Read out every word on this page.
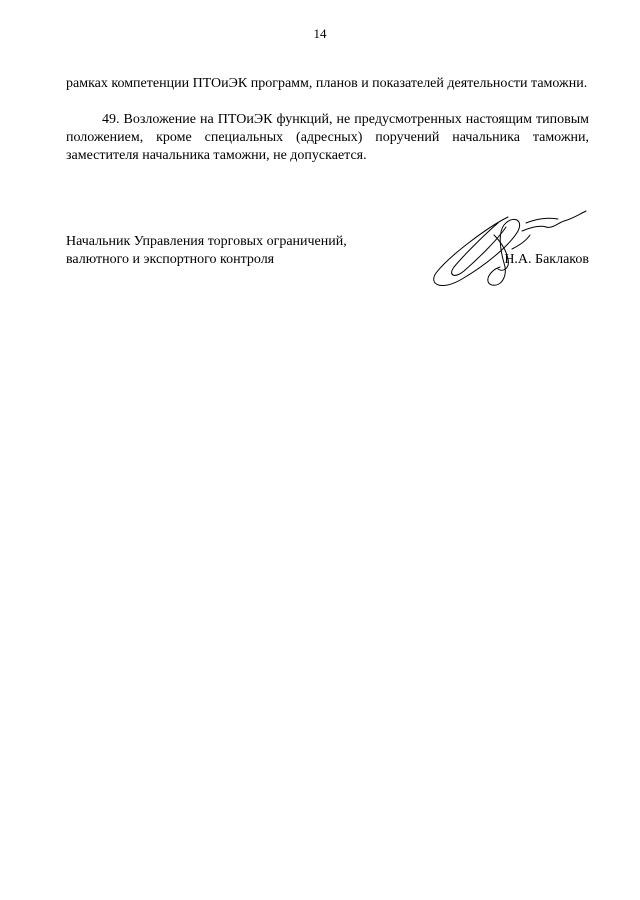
14
рамках компетенции ПТОиЭК программ, планов и показателей деятельности таможни.
49. Возложение на ПТОиЭК функций, не предусмотренных настоящим типовым положением, кроме специальных (адресных) поручений начальника таможни, заместителя начальника таможни, не допускается.
Начальник Управления торговых ограничений,
валютного и экспортного контроля	Н.А. Баклаков
